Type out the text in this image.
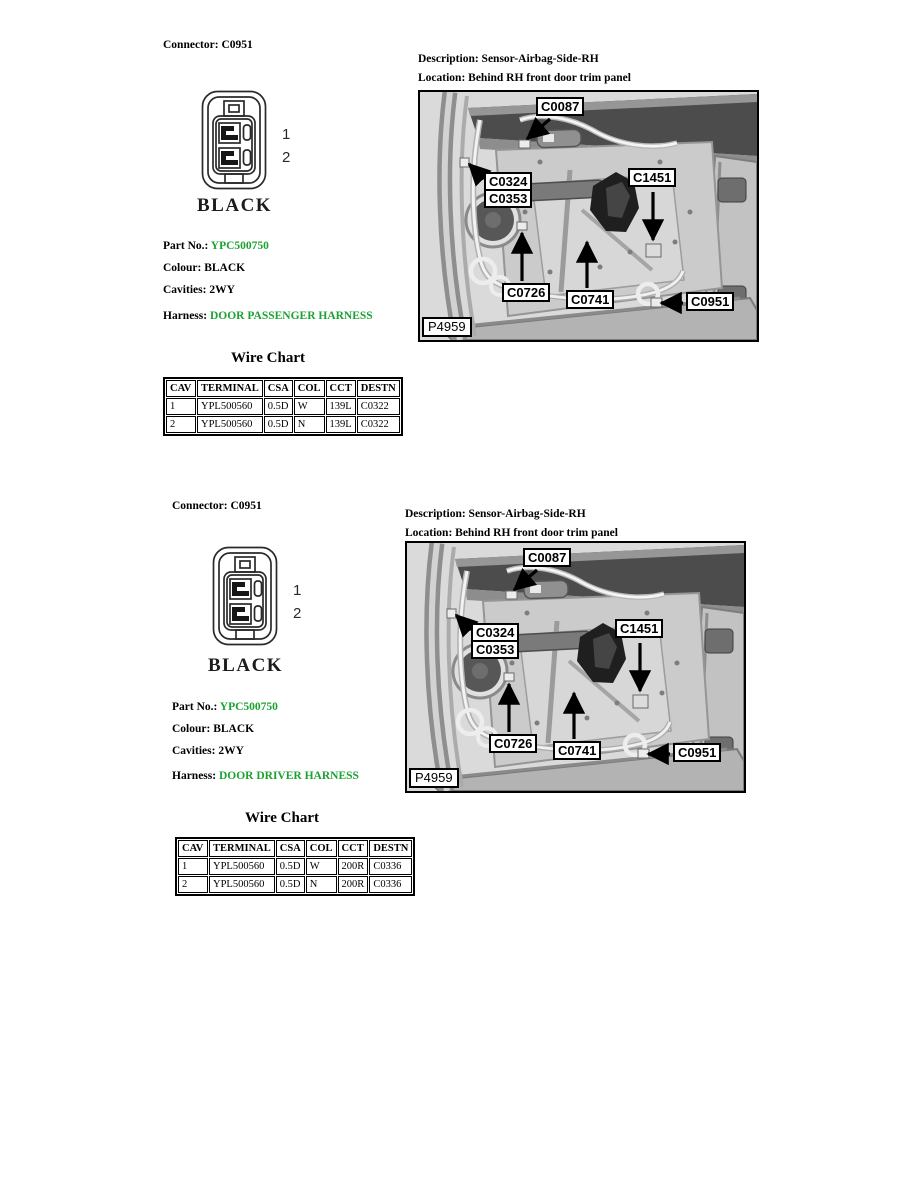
Connector: C0951
1
2
BLACK
Part No.: YPC500750
Colour: BLACK
Cavities: 2WY
Harness: DOOR PASSENGER HARNESS
Wire Chart
CAV	TERMINAL	CSA	COL	CCT	DESTN
1	YPL500560	0.5D	W	139L	C0322
2	YPL500560	0.5D	N	139L	C0322
Description: Sensor-Airbag-Side-RH
Location: Behind RH front door trim panel
C0087
C0324
C0353
C1451
C0726	C0741	C0951
P4959
Connector: C0951
1
2
BLACK
Part No.: YPC500750
Colour: BLACK
Cavities: 2WY
Harness: DOOR DRIVER HARNESS
Wire Chart
CAV	TERMINAL	CSA	COL	CCT	DESTN
1	YPL500560	0.5D	W	200R	C0336
2	YPL500560	0.5D	N	200R	C0336
Description: Sensor-Airbag-Side-RH
Location: Behind RH front door trim panel
C0087
C0324
C0353
C1451
C0726	C0741	C0951
P4959
